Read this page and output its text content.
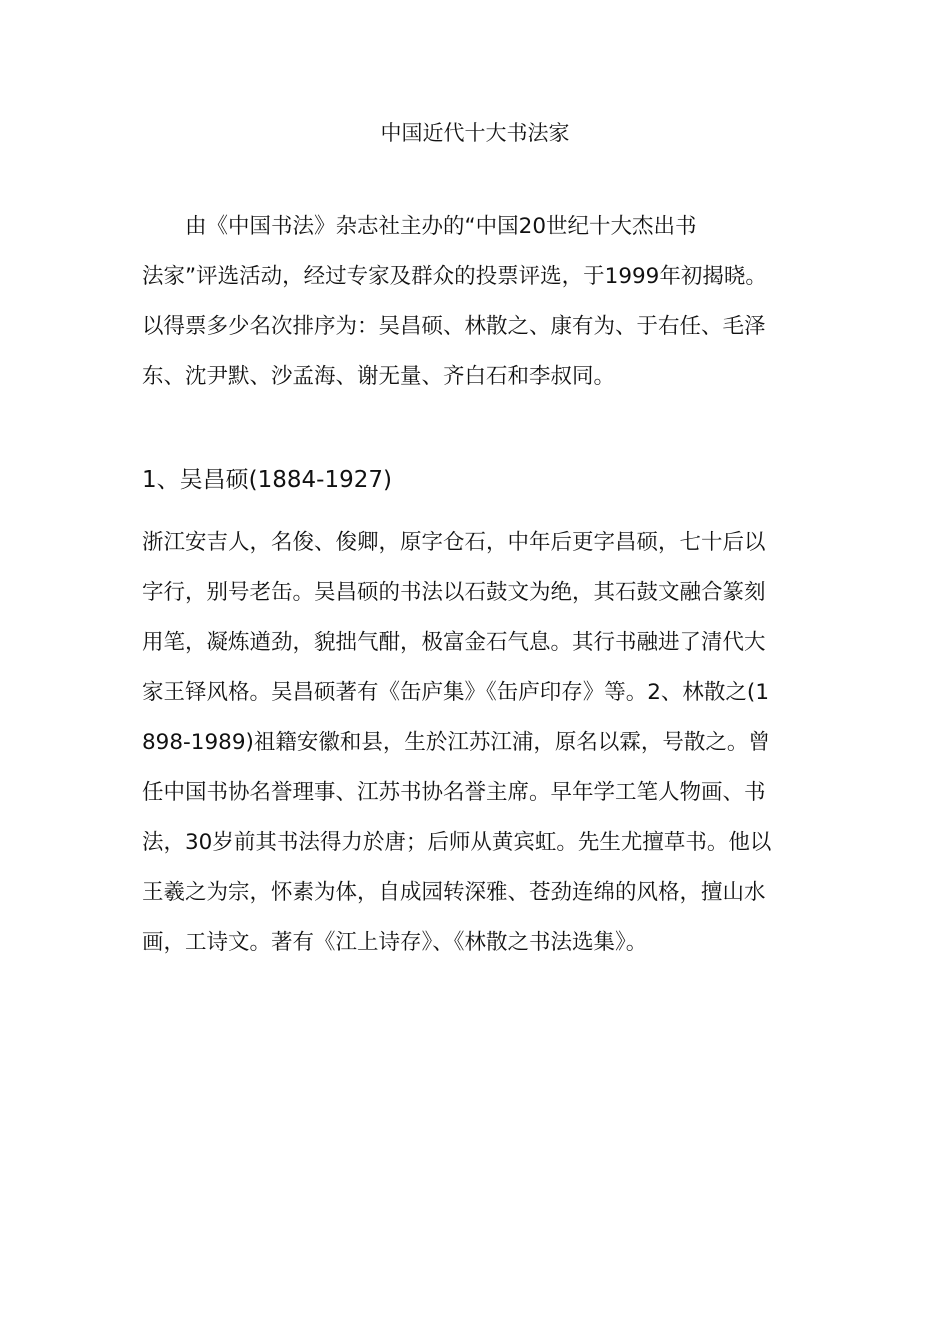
中国近代十大书法家
　　由《中国书法》杂志社主办的“中国20世纪十大杰出书
法家”评选活动，经过专家及群众的投票评选，于1999年初揭晓。
以得票多少名次排序为：吴昌硕、林散之、康有为、于右任、毛泽
东、沈尹默、沙孟海、谢无量、齐白石和李叔同。
1、吴昌硕(1884-1927)
浙江安吉人，名俊、俊卿，原字仓石，中年后更字昌硕，七十后以
字行，别号老缶。吴昌硕的书法以石鼓文为绝，其石鼓文融合篆刻
用笔，凝炼遒劲，貌拙气酣，极富金石气息。其行书融进了清代大
家王铎风格。吴昌硕著有《缶庐集》《缶庐印存》等。2、林散之(1
898-1989)祖籍安徽和县，生於江苏江浦，原名以霖，号散之。曾
任中国书协名誉理事、江苏书协名誉主席。早年学工笔人物画、书
法，30岁前其书法得力於唐；后师从黄宾虹。先生尤擅草书。他以
王羲之为宗，怀素为体，自成园转深雅、苍劲连绵的风格，擅山水
画，工诗文。著有《江上诗存》、《林散之书法选集》。
